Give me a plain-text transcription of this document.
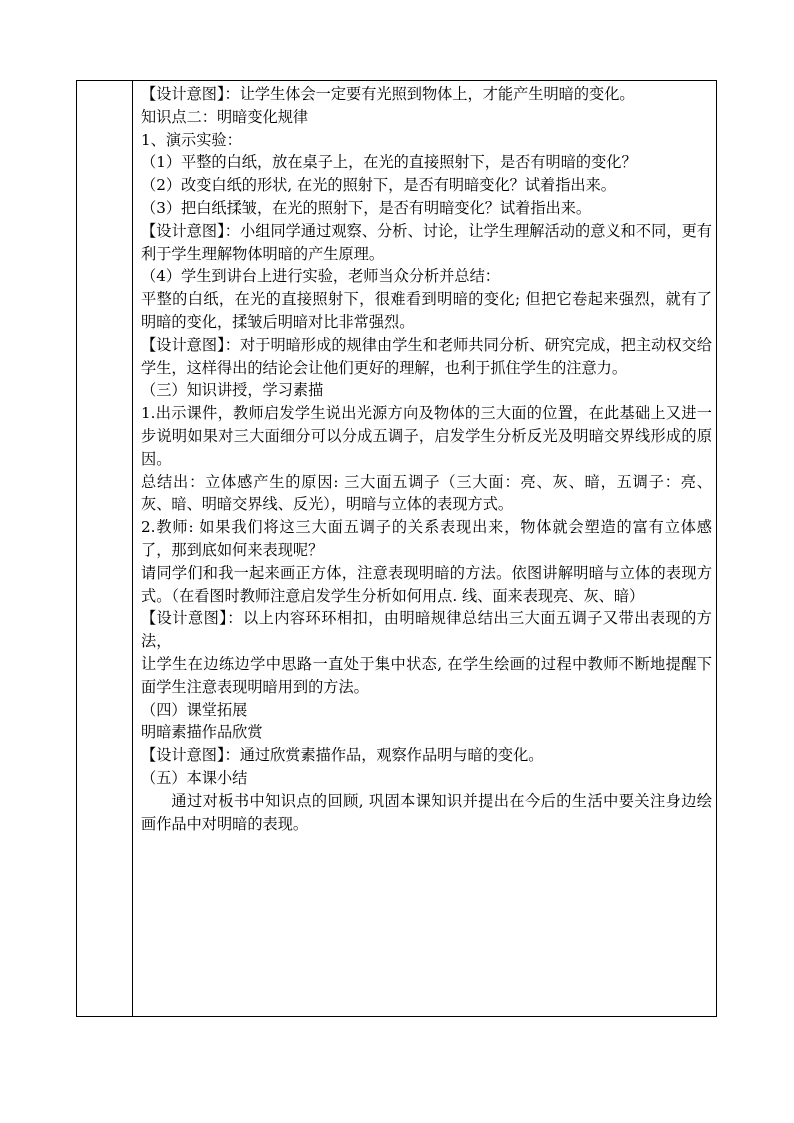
【设计意图】：让学生体会一定要有光照到物体上，才能产生明暗的变化。

知识点二：明暗变化规律

1、演示实验：

（1）平整的白纸，放在桌子上，在光的直接照射下，是否有明暗的变化？

（2）改变白纸的形状, 在光的照射下，是否有明暗变化？试着指出来。

（3）把白纸揉皱，在光的照射下，是否有明暗变化？试着指出来。

【设计意图】：小组同学通过观察、分析、讨论，让学生理解活动的意义和不同，更有利于学生理解物体明暗的产生原理。

（4）学生到讲台上进行实验，老师当众分析并总结：

平整的白纸，在光的直接照射下，很难看到明暗的变化; 但把它卷起来强烈，就有了明暗的变化，揉皱后明暗对比非常强烈。

【设计意图】：对于明暗形成的规律由学生和老师共同分析、研究完成，把主动权交给学生，这样得出的结论会让他们更好的理解，也利于抓住学生的注意力。

（三）知识讲授，学习素描

1.出示课件，教师启发学生说出光源方向及物体的三大面的位置，在此基础上又进一步说明如果对三大面细分可以分成五调子，启发学生分析反光及明暗交界线形成的原因。

总结出：立体感产生的原因: 三大面五调子（三大面：亮、灰、暗，五调子：亮、灰、暗、明暗交界线、反光），明暗与立体的表现方式。

2.教师: 如果我们将这三大面五调子的关系表现出来，物体就会塑造的富有立体感了，那到底如何来表现呢？

请同学们和我一起来画正方体，注意表现明暗的方法。依图讲解明暗与立体的表现方式。（在看图时教师注意启发学生分析如何用点. 线、面来表现亮、灰、暗）

【设计意图】：以上内容环环相扣，由明暗规律总结出三大面五调子又带出表现的方法，

让学生在边练边学中思路一直处于集中状态, 在学生绘画的过程中教师不断地提醒下面学生注意表现明暗用到的方法。

（四）课堂拓展

明暗素描作品欣赏

【设计意图】：通过欣赏素描作品，观察作品明与暗的变化。

（五）本课小结

通过对板书中知识点的回顾, 巩固本课知识并提出在今后的生活中要关注身边绘画作品中对明暗的表现。
